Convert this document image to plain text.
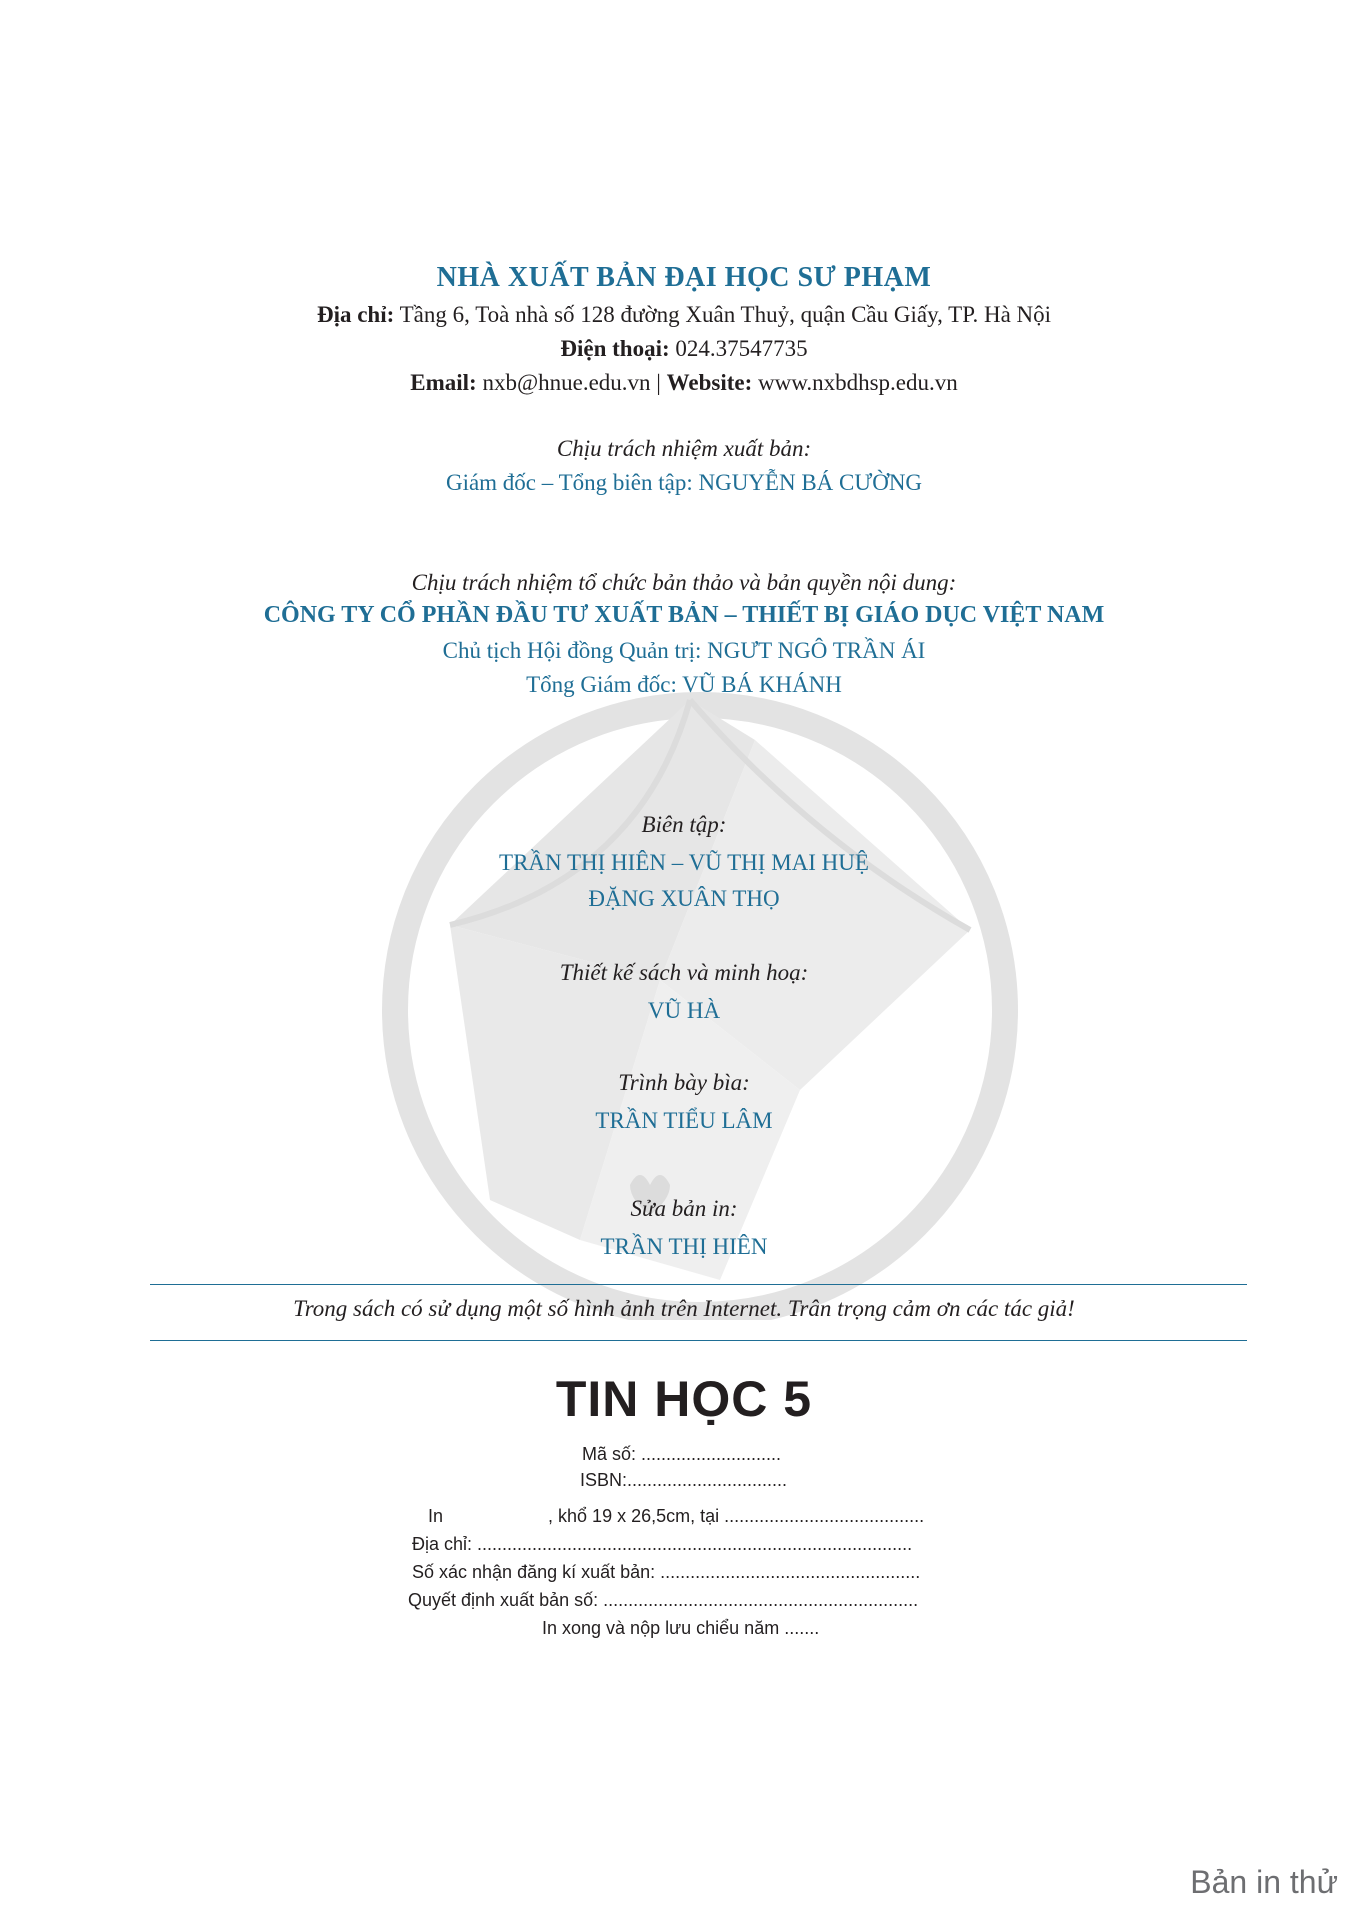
NHÀ XUẤT BẢN ĐẠI HỌC SƯ PHẠM
Địa chỉ: Tầng 6, Toà nhà số 128 đường Xuân Thuỷ, quận Cầu Giấy, TP. Hà Nội
Điện thoại: 024.37547735
Email: nxb@hnue.edu.vn | Website: www.nxbdhsp.edu.vn
Chịu trách nhiệm xuất bản:
Giám đốc – Tổng biên tập: NGUYỄN BÁ CƯỜNG
Chịu trách nhiệm tổ chức bản thảo và bản quyền nội dung:
CÔNG TY CỔ PHẦN ĐẦU TƯ XUẤT BẢN – THIẾT BỊ GIÁO DỤC VIỆT NAM
Chủ tịch Hội đồng Quản trị: NGƯT NGÔ TRẦN ÁI
Tổng Giám đốc: VŨ BÁ KHÁNH
Biên tập:
TRẦN THỊ HIÊN – VŨ THỊ MAI HUỆ
ĐẶNG XUÂN THỌ
Thiết kế sách và minh hoạ:
VŨ HÀ
Trình bày bìa:
TRẦN TIỂU LÂM
Sửa bản in:
TRẦN THỊ HIÊN
Trong sách có sử dụng một số hình ảnh trên Internet. Trân trọng cảm ơn các tác giả!
TIN HỌC 5
Mã số: ............................
ISBN:................................
In	, khổ 19 x 26,5cm, tại ........................................
Địa chỉ: .......................................................................................
Số xác nhận đăng kí xuất bản: ....................................................
Quyết định xuất bản số: ...............................................................
In xong và nộp lưu chiểu năm .......
Bản in thử
